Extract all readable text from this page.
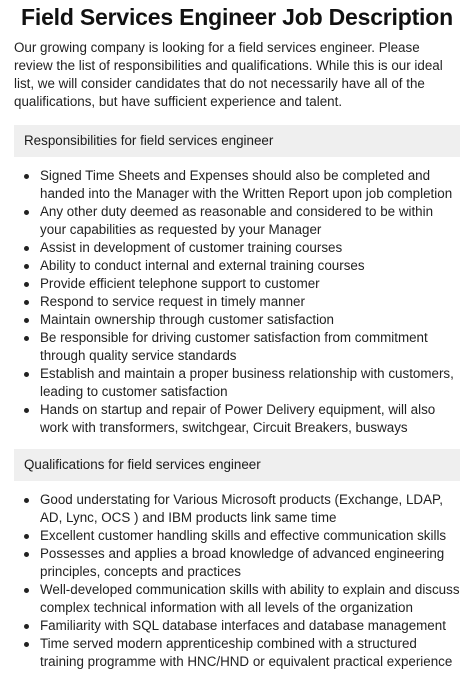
Field Services Engineer Job Description

Our growing company is looking for a field services engineer. Please review the list of responsibilities and qualifications. While this is our ideal list, we will consider candidates that do not necessarily have all of the qualifications, but have sufficient experience and talent.

Responsibilities for field services engineer
Signed Time Sheets and Expenses should also be completed and handed into the Manager with the Written Report upon job completion
Any other duty deemed as reasonable and considered to be within your capabilities as requested by your Manager
Assist in development of customer training courses
Ability to conduct internal and external training courses
Provide efficient telephone support to customer
Respond to service request in timely manner
Maintain ownership through customer satisfaction
Be responsible for driving customer satisfaction from commitment through quality service standards
Establish and maintain a proper business relationship with customers, leading to customer satisfaction
Hands on startup and repair of Power Delivery equipment, will also work with transformers, switchgear, Circuit Breakers, busways
Qualifications for field services engineer
Good understating for Various Microsoft products (Exchange, LDAP, AD, Lync, OCS ) and IBM products link same time
Excellent customer handling skills and effective communication skills
Possesses and applies a broad knowledge of advanced engineering principles, concepts and practices
Well-developed communication skills with ability to explain and discuss complex technical information with all levels of the organization
Familiarity with SQL database interfaces and database management
Time served modern apprenticeship combined with a structured training programme with HNC/HND or equivalent practical experience
